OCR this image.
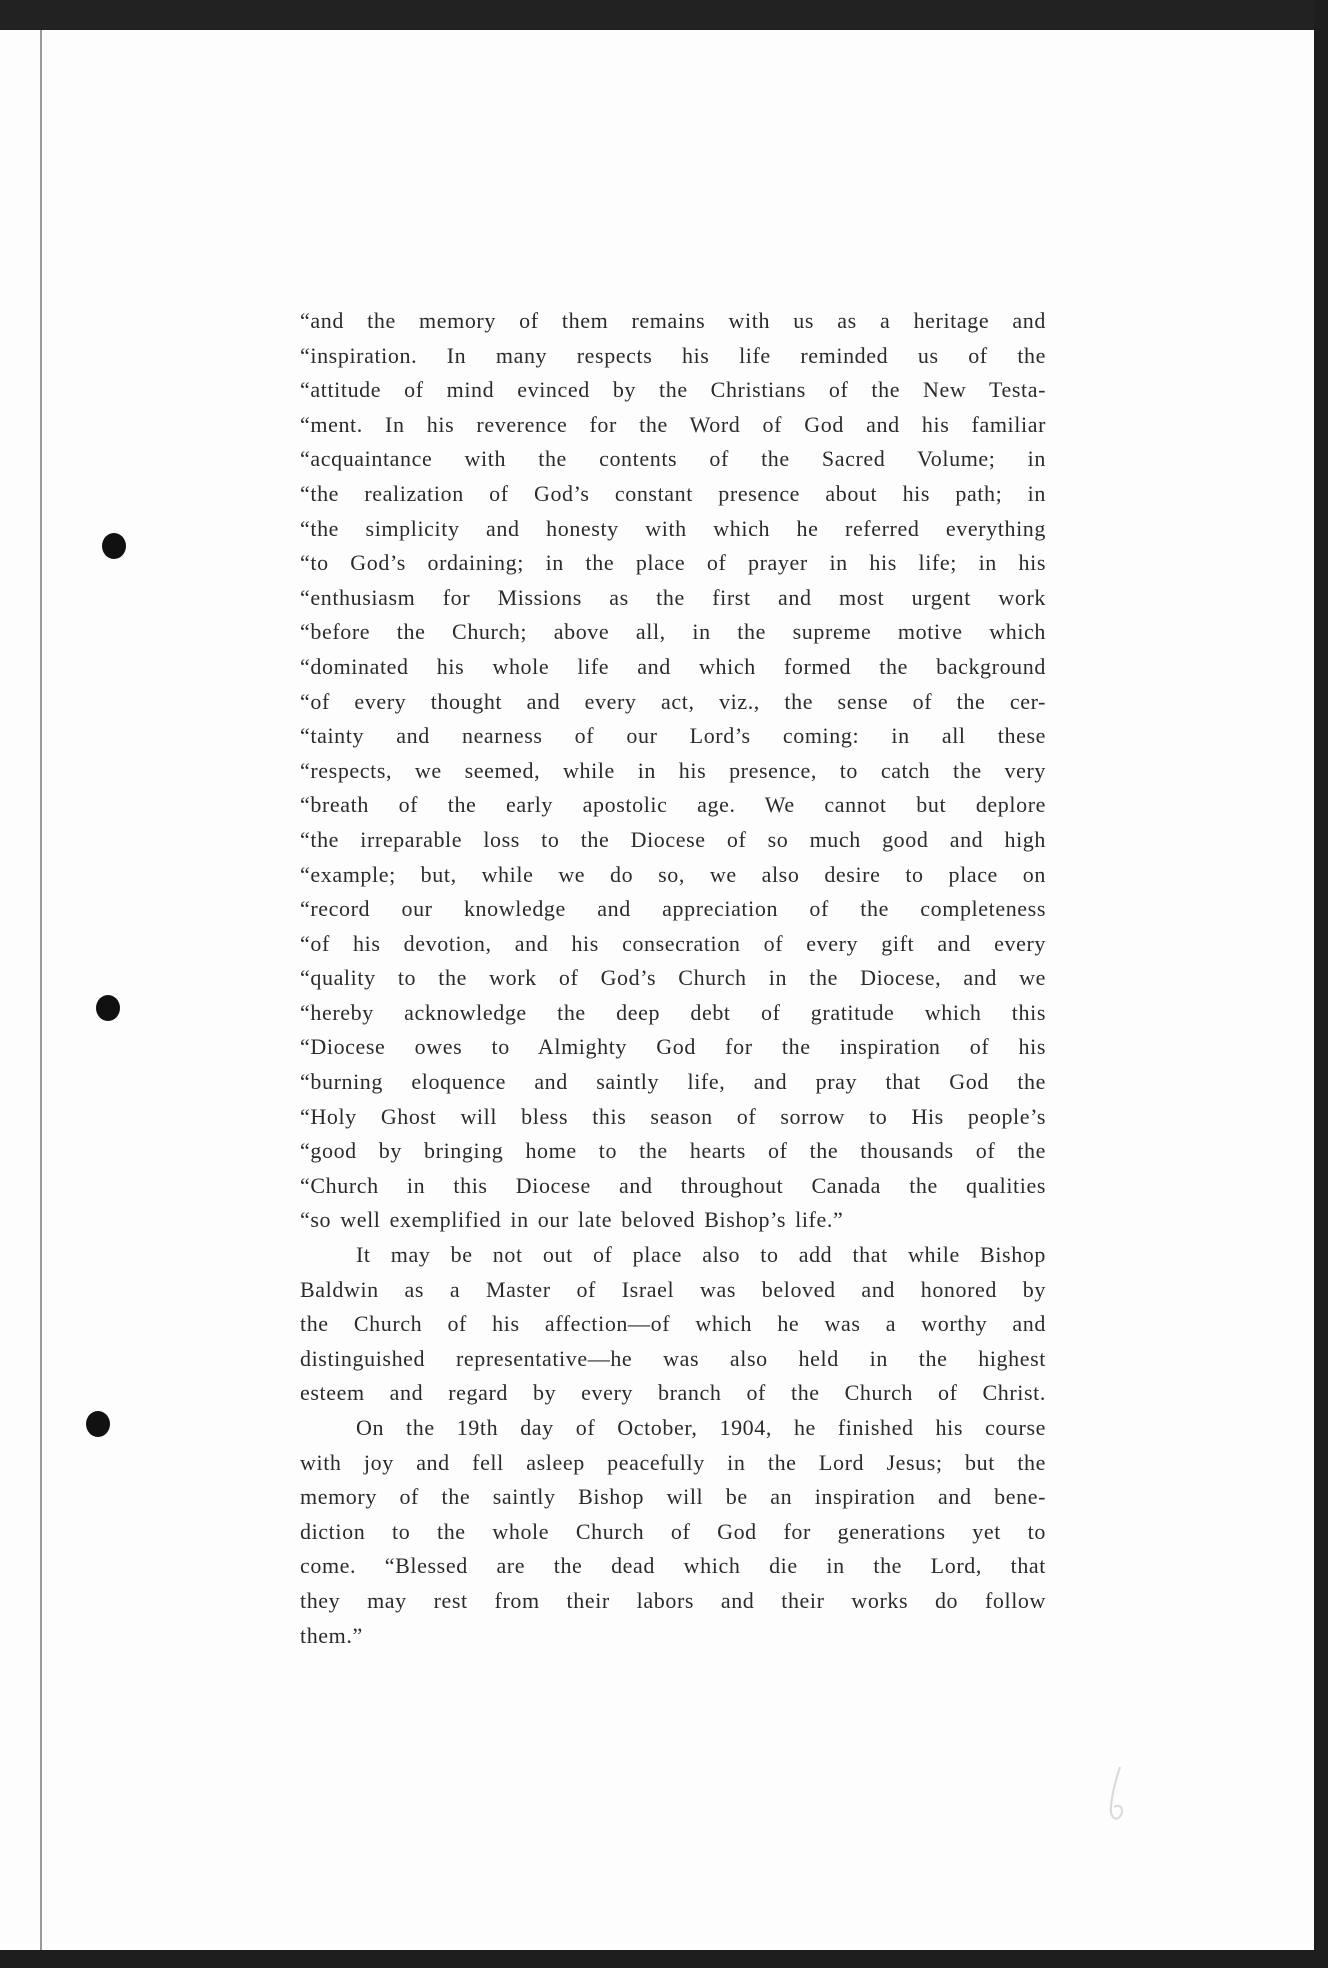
“and the memory of them remains with us as a heritage and
“inspiration. In many respects his life reminded us of the
“attitude of mind evinced by the Christians of the New Testa-
“ment. In his reverence for the Word of God and his familiar
“acquaintance with the contents of the Sacred Volume; in
“the realization of God’s constant presence about his path; in
“the simplicity and honesty with which he referred everything
“to God’s ordaining; in the place of prayer in his life; in his
“enthusiasm for Missions as the first and most urgent work
“before the Church; above all, in the supreme motive which
“dominated his whole life and which formed the background
“of every thought and every act, viz., the sense of the cer-
“tainty and nearness of our Lord’s coming: in all these
“respects, we seemed, while in his presence, to catch the very
“breath of the early apostolic age. We cannot but deplore
“the irreparable loss to the Diocese of so much good and high
“example; but, while we do so, we also desire to place on
“record our knowledge and appreciation of the completeness
“of his devotion, and his consecration of every gift and every
“quality to the work of God’s Church in the Diocese, and we
“hereby acknowledge the deep debt of gratitude which this
“Diocese owes to Almighty God for the inspiration of his
“burning eloquence and saintly life, and pray that God the
“Holy Ghost will bless this season of sorrow to His people’s
“good by bringing home to the hearts of the thousands of the
“Church in this Diocese and throughout Canada the qualities
“so well exemplified in our late beloved Bishop’s life.”
It may be not out of place also to add that while Bishop
Baldwin as a Master of Israel was beloved and honored by
the Church of his affection—of which he was a worthy and
distinguished representative—he was also held in the highest
esteem and regard by every branch of the Church of Christ.
On the 19th day of October, 1904, he finished his course
with joy and fell asleep peacefully in the Lord Jesus; but the
memory of the saintly Bishop will be an inspiration and bene-
diction to the whole Church of God for generations yet to
come. “Blessed are the dead which die in the Lord, that
they may rest from their labors and their works do follow
them.”
